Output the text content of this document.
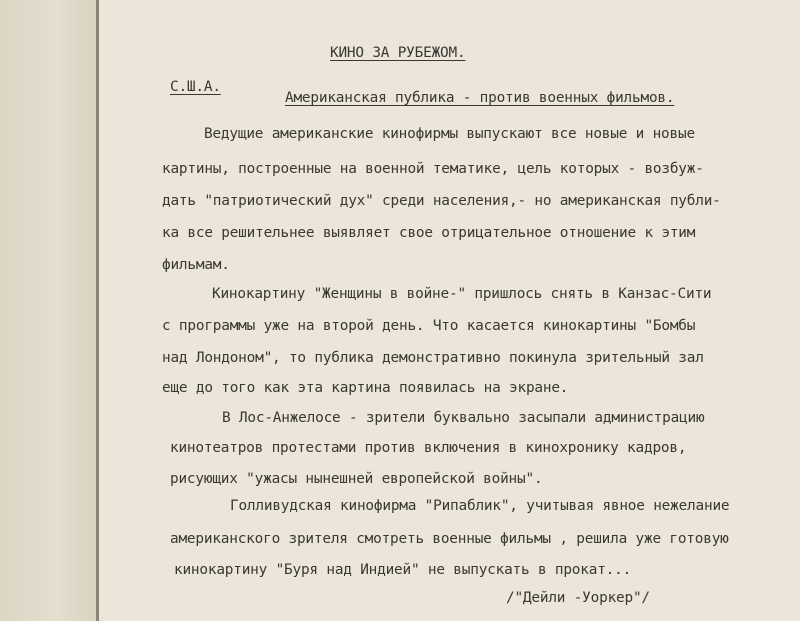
КИНО ЗА РУБЕЖОМ.
С.Ш.А.
Американская публика - против военных фильмов.
Ведущие американские кинофирмы выпускают все новые и новые
картины, построенные на военной тематике, цель которых - возбуж-
дать "патриотический дух" среди населения,- но американская публи-
ка все решительнее выявляет свое отрицательное отношение к этим
фильмам.
Кинокартину "Женщины в войне-" пришлось снять в Канзас-Сити
с программы уже на второй день. Что касается кинокартины "Бомбы
над Лондоном", то публика демонстративно покинула зрительный зал
еще до того как эта картина появилась на экране.
В Лос-Анжелосе - зрители буквально засыпали администрацию
кинотеатров протестами против включения в кинохронику кадров,
рисующих "ужасы нынешней европейской войны".
Голливудская кинофирма "Рипаблик", учитывая явное нежелание
американского зрителя смотреть военные фильмы , решила уже готовую
кинокартину "Буря над Индией" не выпускать в прокат...
/"Дейли -Уоркер"/
